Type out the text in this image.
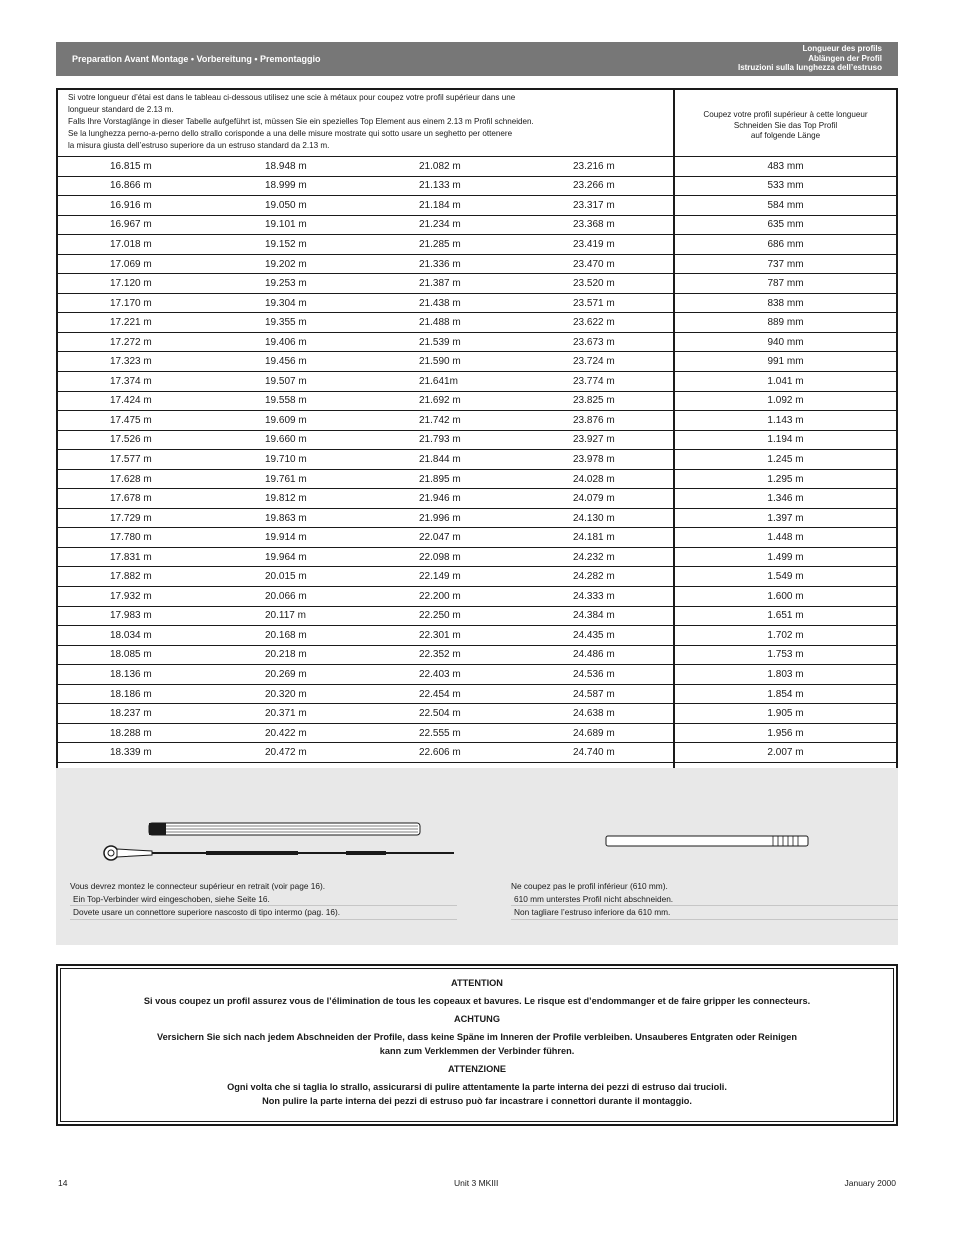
Preparation Avant Montage • Vorbereitung • Premontaggio
Longueur des profils
Ablängen der Profil
Istruzioni sulla lunghezza dell’estruso
Si votre longueur d’étai est dans le tableau ci-dessous utilisez une scie à métaux pour coupez votre profil supérieur dans une
longueur standard de 2.13 m.
Falls Ihre Vorstaglänge in dieser Tabelle aufgeführt ist, müssen Sie ein spezielles Top Element aus einem 2.13 m Profil schneiden.
Se la lunghezza perno-a-perno dello strallo corisponde a una delle misure mostrate qui sotto usare un seghetto per ottenere
la misura giusta dell’estruso superiore da un estruso standard da 2.13 m.
Coupez votre profil supérieur à cette longueur
Schneiden Sie das Top Profil
auf folgende Länge
16.815 m	18.948 m	21.082 m	23.216 m	483 mm
16.866 m	18.999 m	21.133 m	23.266 m	533 mm
16.916 m	19.050 m	21.184 m	23.317 m	584 mm
16.967 m	19.101 m	21.234 m	23.368 m	635 mm
17.018 m	19.152 m	21.285 m	23.419 m	686 mm
17.069 m	19.202 m	21.336 m	23.470 m	737 mm
17.120 m	19.253 m	21.387 m	23.520 m	787 mm
17.170 m	19.304 m	21.438 m	23.571 m	838 mm
17.221 m	19.355 m	21.488 m	23.622 m	889 mm
17.272 m	19.406 m	21.539 m	23.673 m	940 mm
17.323 m	19.456 m	21.590 m	23.724 m	991 mm
17.374 m	19.507 m	21.641m	23.774 m	1.041 m
17.424 m	19.558 m	21.692 m	23.825 m	1.092 m
17.475 m	19.609 m	21.742 m	23.876 m	1.143 m
17.526 m	19.660 m	21.793 m	23.927 m	1.194 m
17.577 m	19.710 m	21.844 m	23.978 m	1.245 m
17.628 m	19.761 m	21.895 m	24.028 m	1.295 m
17.678 m	19.812 m	21.946 m	24.079 m	1.346 m
17.729 m	19.863 m	21.996 m	24.130 m	1.397 m
17.780 m	19.914 m	22.047 m	24.181 m	1.448 m
17.831 m	19.964 m	22.098 m	24.232 m	1.499 m
17.882 m	20.015 m	22.149 m	24.282 m	1.549 m
17.932 m	20.066 m	22.200 m	24.333 m	1.600 m
17.983 m	20.117 m	22.250 m	24.384 m	1.651 m
18.034 m	20.168 m	22.301 m	24.435 m	1.702 m
18.085 m	20.218 m	22.352 m	24.486 m	1.753 m
18.136 m	20.269 m	22.403 m	24.536 m	1.803 m
18.186 m	20.320 m	22.454 m	24.587 m	1.854 m
18.237 m	20.371 m	22.504 m	24.638 m	1.905 m
18.288 m	20.422 m	22.555 m	24.689 m	1.956 m
18.339 m	20.472 m	22.606 m	24.740 m	2.007 m
Vous devrez montez le connecteur supérieur en retrait (voir page 16).
Ein Top-Verbinder wird eingeschoben, siehe Seite 16.
Dovete usare un connettore superiore nascosto di tipo intermo (pag. 16).
Ne coupez pas le profil inférieur (610 mm).
610 mm unterstes Profil nicht abschneiden.
Non tagliare l’estruso inferiore da 610 mm.
ATTENTION
Si vous coupez un profil assurez vous de l’élimination de tous les copeaux et bavures. Le risque est d’endommanger et de faire gripper les connecteurs.
ACHTUNG
Versichern Sie sich nach jedem Abschneiden der Profile, dass keine Späne im Inneren der Profile verbleiben. Unsauberes Entgraten oder Reinigen
kann zum Verklemmen der Verbinder führen.
ATTENZIONE
Ogni volta che si taglia lo strallo, assicurarsi di pulire attentamente la parte interna dei pezzi di estruso dai trucioli.
Non pulire la parte interna dei pezzi di estruso può far incastrare i connettori durante il montaggio.
14	Unit 3 MKIII	January 2000
